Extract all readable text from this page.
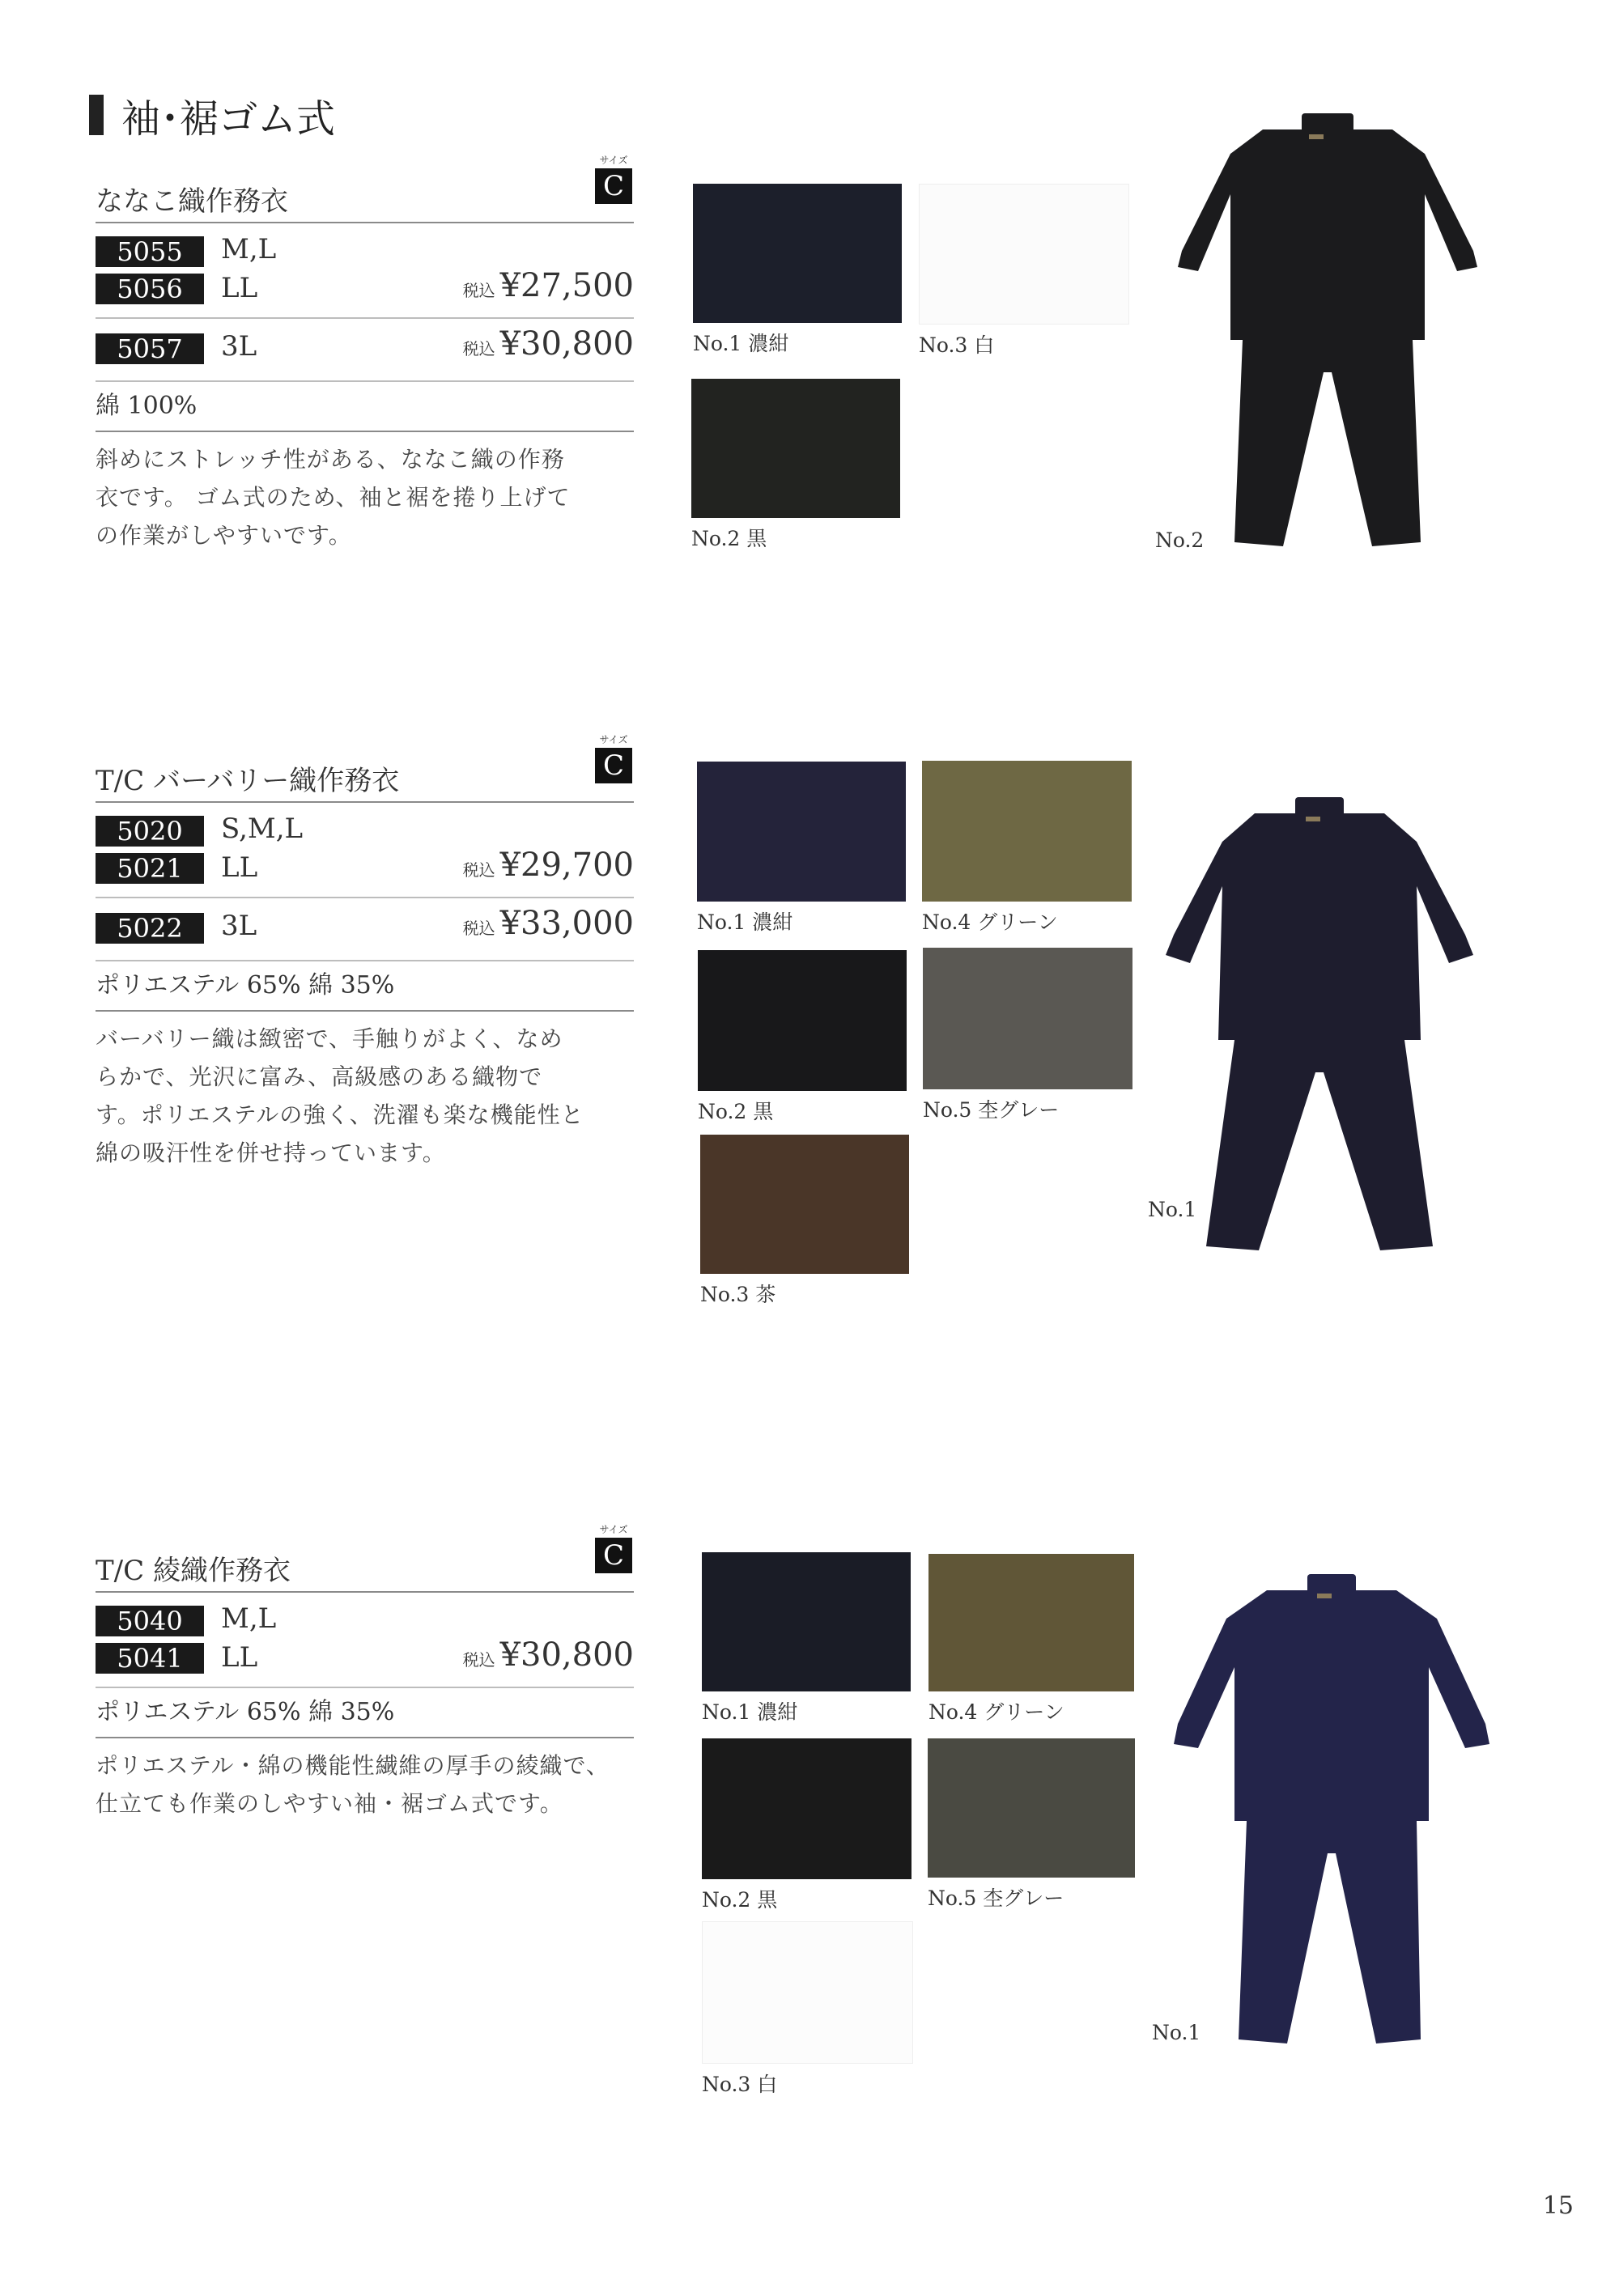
袖･裾ゴム式
ななこ織作務衣
サイズ
C
5055	M,L
5056	LL	税込 ¥27,500
5057	3L	税込 ¥30,800
綿 100%
斜めにストレッチ性がある、ななこ織の作務
衣です。 ゴム式のため、袖と裾を捲り上げて
の作業がしやすいです。
No.1 濃紺	No.3 白
No.2 黒	No.2
T/C バーバリー織作務衣
サイズ
C
5020	S,M,L
5021	LL	税込 ¥29,700
5022	3L	税込 ¥33,000
ポリエステル 65% 綿 35%
バーバリー織は緻密で、手触りがよく、なめ
らかで、光沢に富み、高級感のある織物で
す。ポリエステルの強く、洗濯も楽な機能性と
綿の吸汗性を併せ持っています。
No.1 濃紺	No.4 グリーン
No.2 黒	No.5 杢グレー
No.3 茶
No.1
T/C 綾織作務衣
サイズ
C
5040	M,L
5041	LL	税込 ¥30,800
ポリエステル 65% 綿 35%
ポリエステル・綿の機能性繊維の厚手の綾織で、
仕立ても作業のしやすい袖・裾ゴム式です。
No.1 濃紺	No.4 グリーン
No.2 黒	No.5 杢グレー
No.3 白
No.1
15
